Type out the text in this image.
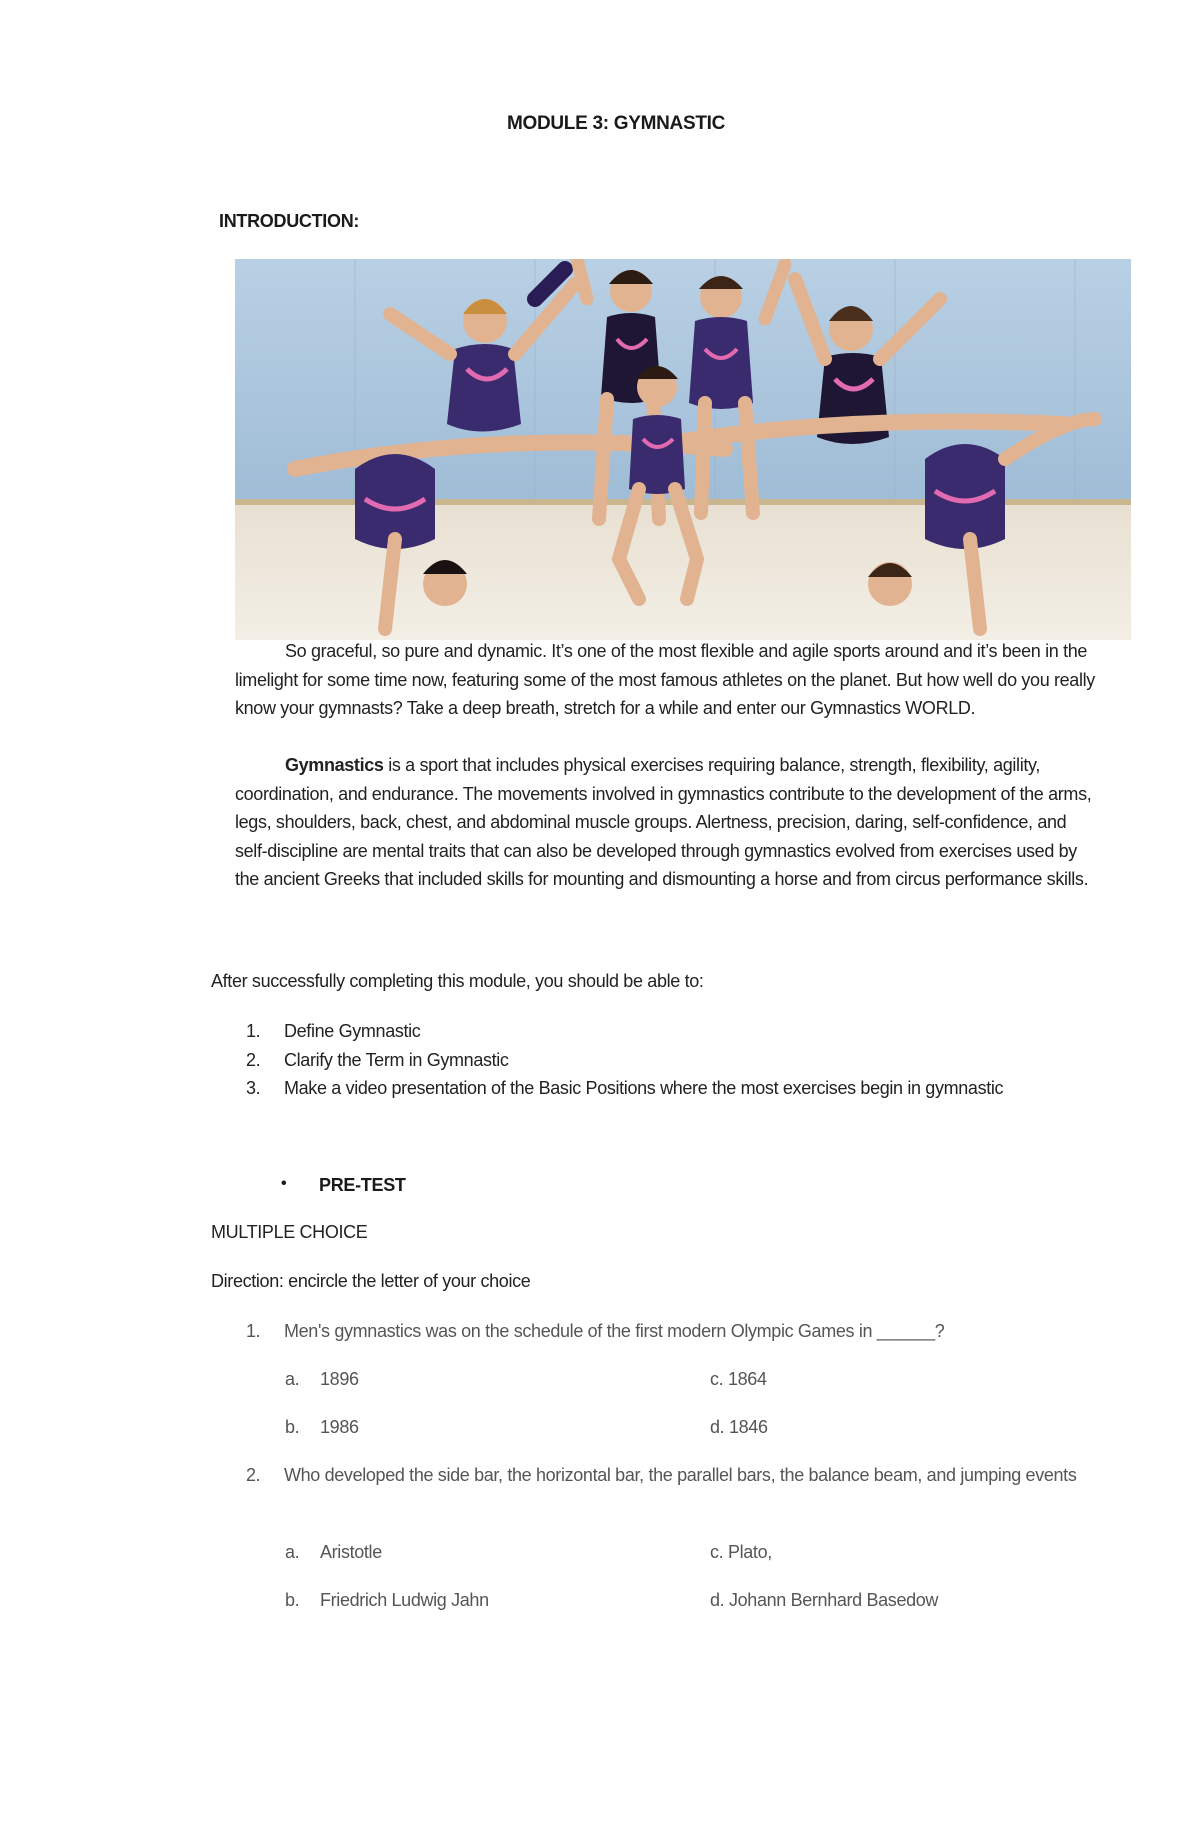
MODULE 3: GYMNASTIC
INTRODUCTION:
So graceful, so pure and dynamic. It’s one of the most flexible and agile sports around and it’s been in the limelight for some time now, featuring some of the most famous athletes on the planet. But how well do you really know your gymnasts? Take a deep breath, stretch for a while and enter our Gymnastics WORLD.
Gymnastics is a sport that includes physical exercises requiring balance, strength, flexibility, agility, coordination, and endurance. The movements involved in gymnastics contribute to the development of the arms, legs, shoulders, back, chest, and abdominal muscle groups. Alertness, precision, daring, self-confidence, and self-discipline are mental traits that can also be developed through gymnastics evolved from exercises used by the ancient Greeks that included skills for mounting and dismounting a horse and from circus performance skills.
After successfully completing this module, you should be able to:
1. Define Gymnastic
2. Clarify the Term in Gymnastic
3. Make a video presentation of the Basic Positions where the most exercises begin in gymnastic
• PRE-TEST
MULTIPLE CHOICE
Direction: encircle the letter of your choice
1.	Men's gymnastics was on the schedule of the first modern Olympic Games in ______?
a. 1896	c. 1864
b. 1986	d. 1846
2.	Who developed the side bar, the horizontal bar, the parallel bars, the balance beam, and jumping events
a. Aristotle	c. Plato,
b. Friedrich Ludwig Jahn	d. Johann Bernhard Basedow
